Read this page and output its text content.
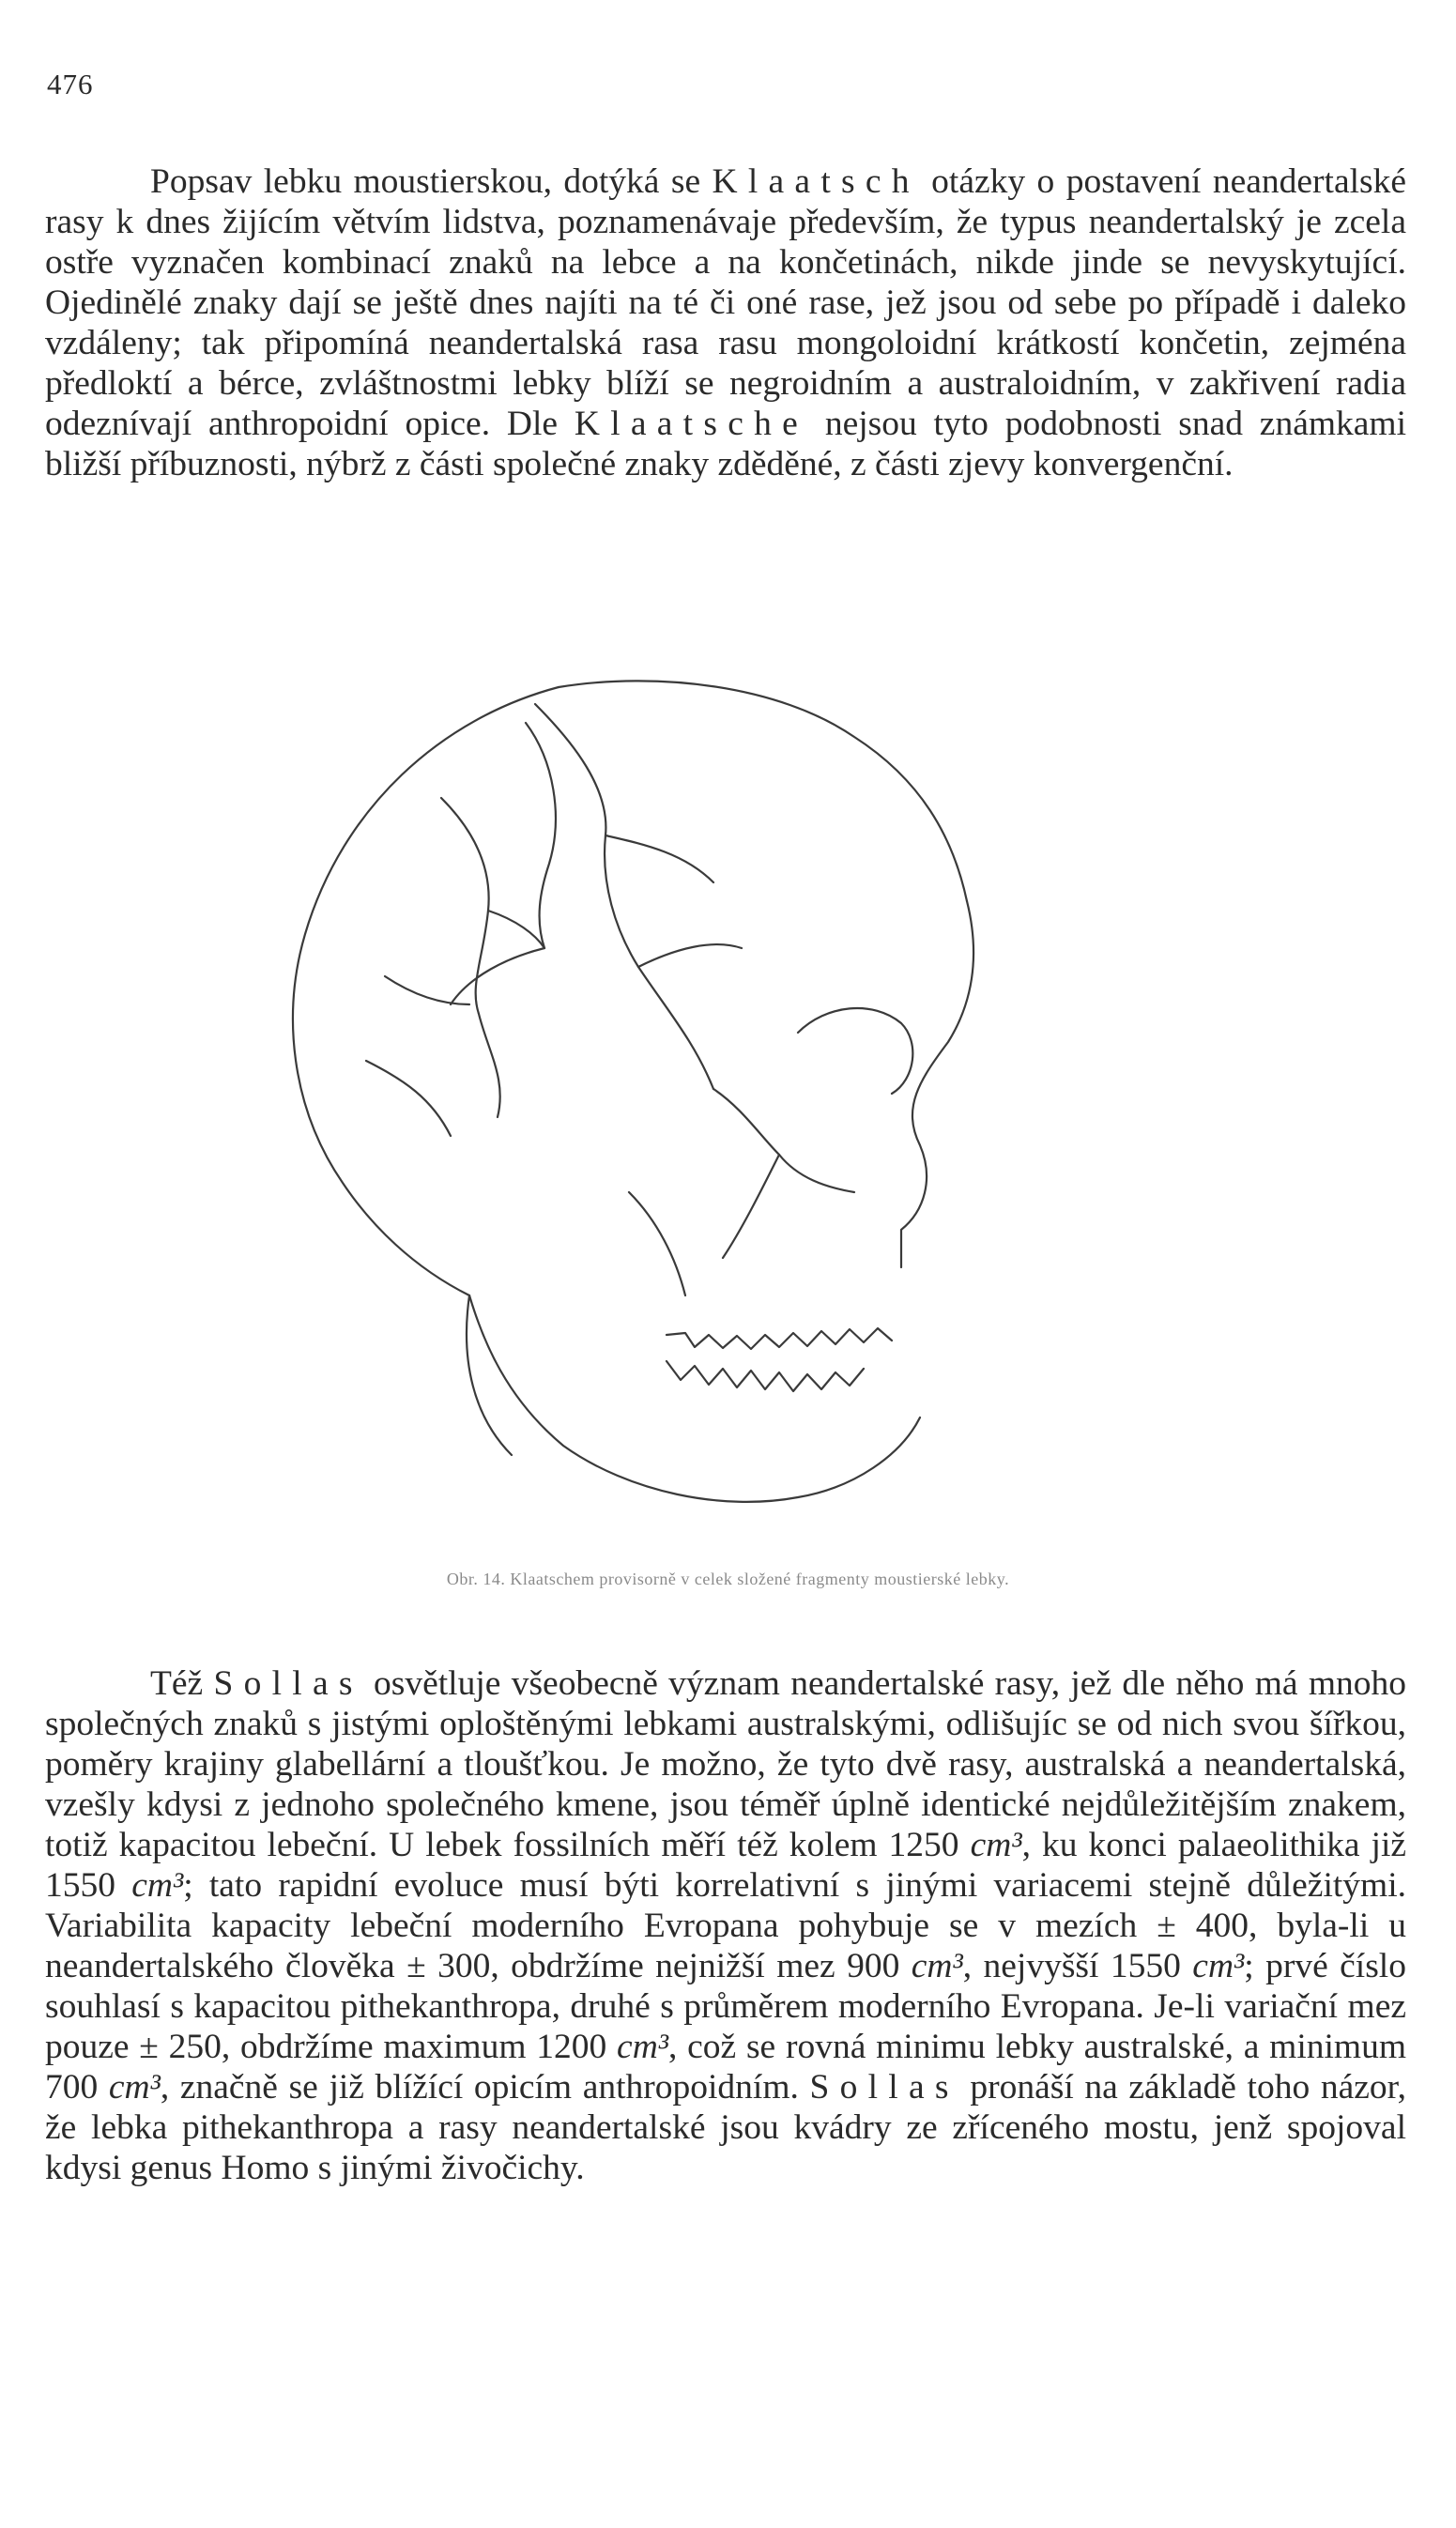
476

Popsav lebku moustierskou, dotýká se Klaatsch otázky o postavení neandertalské rasy k dnes žijícím větvím lidstva, poznamenávaje především, že typus neandertalský je zcela ostře vyznačen kombinací znaků na lebce a na končetinách, nikde jinde se nevyskytující. Ojedinělé znaky dají se ještě dnes najíti na té či oné rase, jež jsou od sebe po případě i daleko vzdáleny; tak připomíná neandertalská rasa rasu mongoloidní krátkostí končetin, zejména předloktí a bérce, zvláštnostmi lebky blíží se negroidním a australoidním, v zakřivení radia odeznívají anthropoidní opice. Dle Klaatsche nejsou tyto podobnosti snad známkami bližší příbuznosti, nýbrž z části společné znaky zděděné, z části zjevy konvergenční.

Obr. 14. Klaatschem provisorně v celek složené fragmenty moustierské lebky.

Též Sollas osvětluje všeobecně význam neandertalské rasy, jež dle něho má mnoho společných znaků s jistými oploštěnými lebkami australskými, odlišujíc se od nich svou šířkou, poměry krajiny glabellární a tloušťkou. Je možno, že tyto dvě rasy, australská a neandertalská, vzešly kdysi z jednoho společného kmene, jsou téměř úplně identické nejdůležitějším znakem, totiž kapacitou lebeční. U lebek fossilních měří též kolem 1250 cm³, ku konci palaeolithika již 1550 cm³; tato rapidní evoluce musí býti korrelativní s jinými variacemi stejně důležitými. Variabilita kapacity lebeční moderního Evropana pohybuje se v mezích ± 400, byla-li u neandertalského člověka ± 300, obdržíme nejnižší mez 900 cm³, nejvyšší 1550 cm³; prvé číslo souhlasí s kapacitou pithekanthropa, druhé s průměrem moderního Evropana. Je-li variační mez pouze ± 250, obdržíme maximum 1200 cm³, což se rovná minimu lebky australské, a minimum 700 cm³, značně se již blížící opicím anthropoidním. Sollas pronáší na základě toho názor, že lebka pithekanthropa a rasy neandertalské jsou kvádry ze zříceného mostu, jenž spojoval kdysi genus Homo s jinými živočichy.
